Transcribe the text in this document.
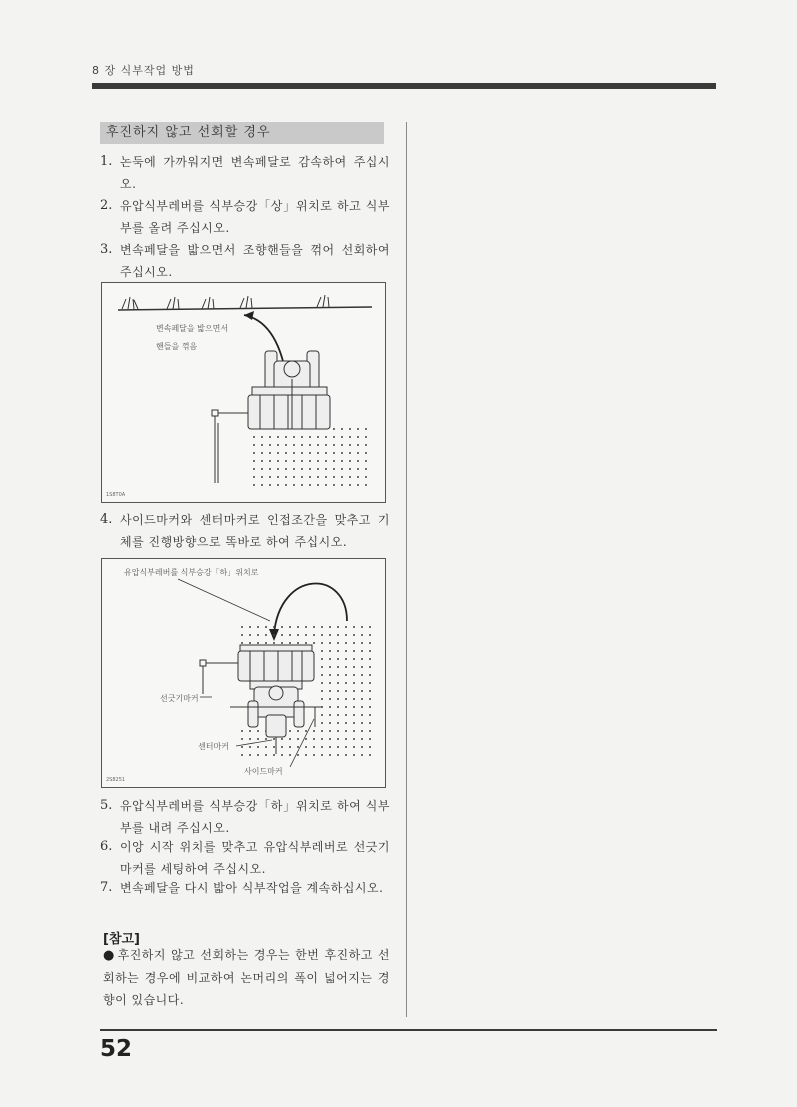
8 장 식부작업 방법
후진하지 않고 선회할 경우
1. 논둑에 가까워지면 변속페달로 감속하여 주십시오.
2. 유압식부레버를 식부승강「상」위치로 하고 식부부를 올려 주십시오.
3. 변속페달을 밟으면서 조향핸들을 꺾어 선회하여 주십시오.
변속페달을 밟으면서
핸들을 꺾음
1S8T0A
4. 사이드마커와 센터마커로 인접조간을 맞추고 기체를 진행방향으로 똑바로 하여 주십시오.
유압식부레버를 식부승강「하」위치로
선긋기마커
센터마커
사이드마커
2S8251
5. 유압식부레버를 식부승강「하」위치로 하여 식부부를 내려 주십시오.
6. 이앙 시작 위치를 맞추고 유압식부레버로 선긋기마커를 세팅하여 주십시오.
7. 변속페달을 다시 밟아 식부작업을 계속하십시오.
[참고]
● 후진하지 않고 선회하는 경우는 한번 후진하고 선회하는 경우에 비교하여 논머리의 폭이 넓어지는 경향이 있습니다.
52
